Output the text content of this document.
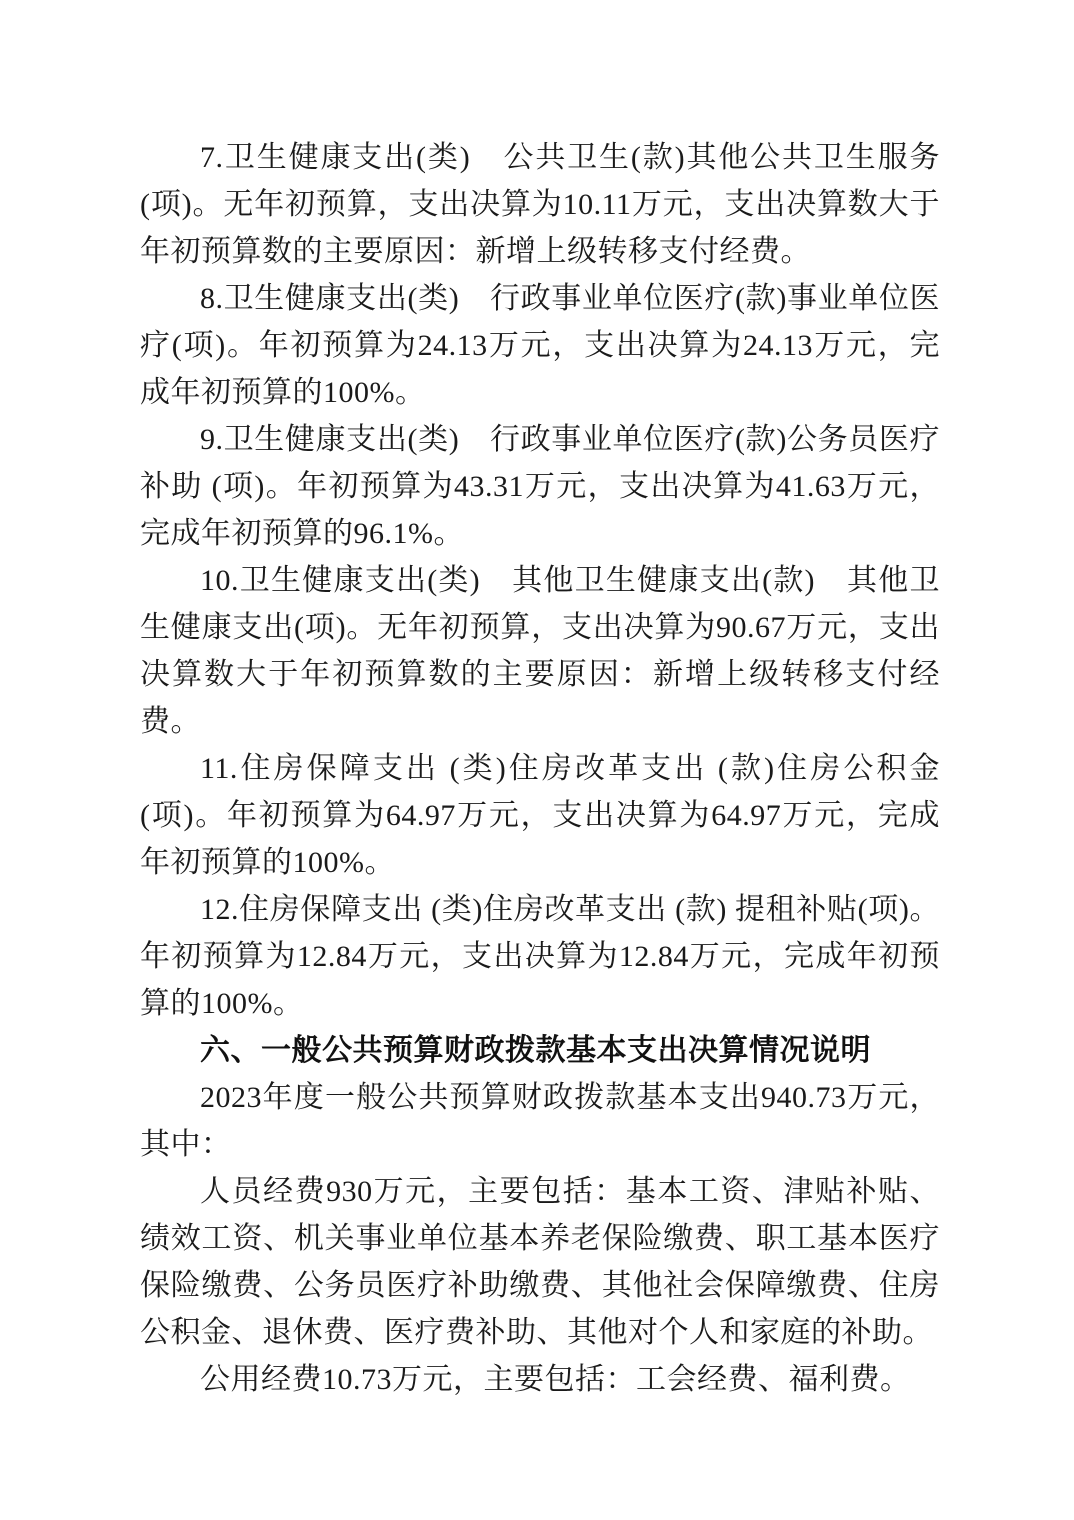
7.卫生健康支出(类)　公共卫生(款)其他公共卫生服务(项)。无年初预算，支出决算为10.11万元，支出决算数大于年初预算数的主要原因：新增上级转移支付经费。

8.卫生健康支出(类)　行政事业单位医疗(款)事业单位医疗(项)。年初预算为24.13万元，支出决算为24.13万元，完成年初预算的100%。

9.卫生健康支出(类)　行政事业单位医疗(款)公务员医疗补助 (项)。年初预算为43.31万元，支出决算为41.63万元，完成年初预算的96.1%。

10.卫生健康支出(类)　其他卫生健康支出(款)　其他卫生健康支出(项)。无年初预算，支出决算为90.67万元，支出决算数大于年初预算数的主要原因：新增上级转移支付经费。

11.住房保障支出 (类)住房改革支出 (款)住房公积金 (项)。年初预算为64.97万元，支出决算为64.97万元，完成年初预算的100%。

12.住房保障支出 (类)住房改革支出 (款) 提租补贴(项)。年初预算为12.84万元，支出决算为12.84万元，完成年初预算的100%。

六、一般公共预算财政拨款基本支出决算情况说明

2023年度一般公共预算财政拨款基本支出940.73万元，其中：

人员经费930万元，主要包括：基本工资、津贴补贴、绩效工资、机关事业单位基本养老保险缴费、职工基本医疗保险缴费、公务员医疗补助缴费、其他社会保障缴费、住房公积金、退休费、医疗费补助、其他对个人和家庭的补助。

公用经费10.73万元，主要包括：工会经费、福利费。
